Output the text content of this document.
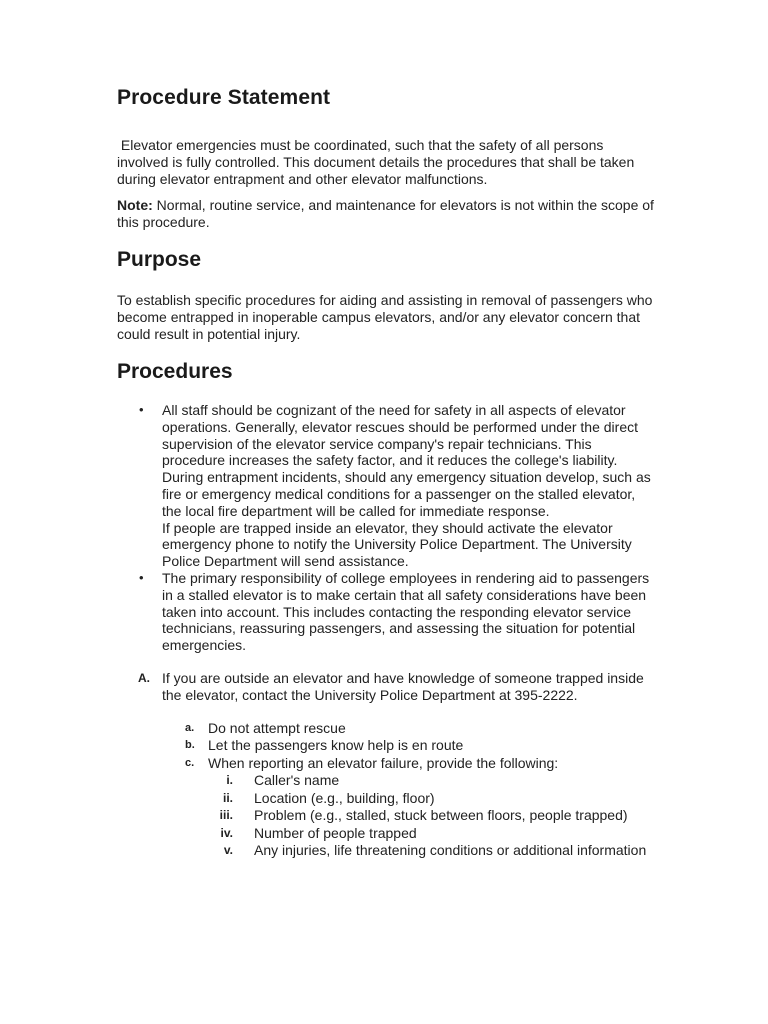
Procedure Statement

Elevator emergencies must be coordinated, such that the safety of all persons involved is fully controlled. This document details the procedures that shall be taken during elevator entrapment and other elevator malfunctions.

Note: Normal, routine service, and maintenance for elevators is not within the scope of this procedure.

Purpose

To establish specific procedures for aiding and assisting in removal of passengers who become entrapped in inoperable campus elevators, and/or any elevator concern that could result in potential injury.

Procedures
• All staff should be cognizant of the need for safety in all aspects of elevator operations. Generally, elevator rescues should be performed under the direct supervision of the elevator service company's repair technicians. This procedure increases the safety factor, and it reduces the college's liability. During entrapment incidents, should any emergency situation develop, such as fire or emergency medical conditions for a passenger on the stalled elevator, the local fire department will be called for immediate response.

If people are trapped inside an elevator, they should activate the elevator emergency phone to notify the University Police Department. The University Police Department will send assistance.

• The primary responsibility of college employees in rendering aid to passengers in a stalled elevator is to make certain that all safety considerations have been taken into account. This includes contacting the responding elevator service technicians, reassuring passengers, and assessing the situation for potential emergencies.

A. If you are outside an elevator and have knowledge of someone trapped inside the elevator, contact the University Police Department at 395-2222.

a. Do not attempt rescue
b. Let the passengers know help is en route
c. When reporting an elevator failure, provide the following:
i. Caller's name
ii. Location (e.g., building, floor)
iii. Problem (e.g., stalled, stuck between floors, people trapped)
iv. Number of people trapped
v. Any injuries, life threatening conditions or additional information
